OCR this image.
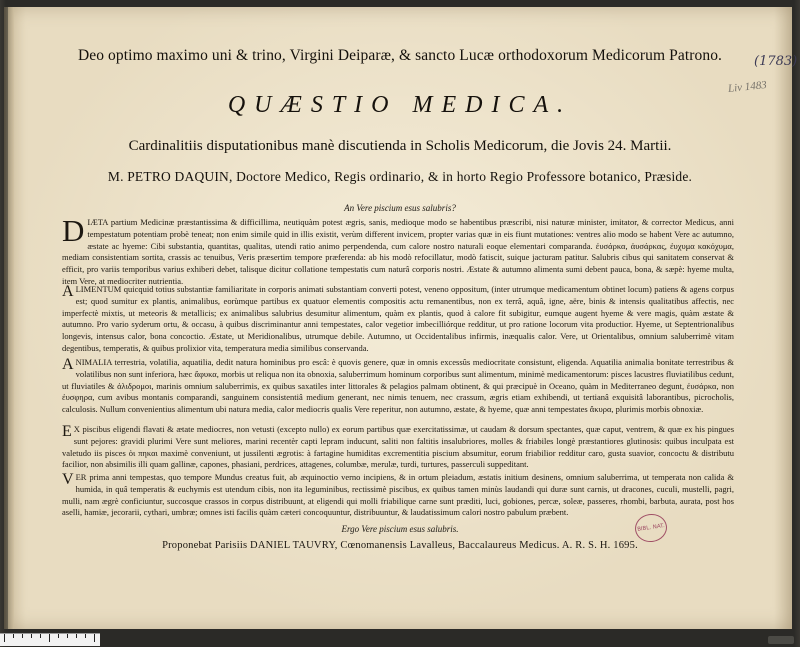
Deo optimo maximo uni & trino, Virgini Deiparæ, & sancto Lucæ orthodoxorum Medicorum Patrono.	(1783)
Liv 1483
QUÆSTIO MEDICA.
Cardinalitiis disputationibus manè discutienda in Scholis Medicorum, die Jovis 24. Martii.
M. PETRO DAQUIN, Doctore Medico, Regis ordinario, & in horto Regio Professore botanico, Præside.
An Vere piscium esus salubris?
D IÆTA partium Medicinæ præstantissima & difficillima, neutiquàm potest ægris, sanis, medioque modo se habentibus præscribi, nisi naturæ minister, imitator, & corrector Medicus, anni tempestatum potentiam probè teneat; non enim simile quid in illis existit, verùm different invicem, propter varias quæ in eis fiunt mutationes: ventres alio modo se habent Vere ac autumno, æstate ac hyeme: Cibi substantia, quantitas, qualitas, utendi ratio animo perpendenda, cum calore nostro naturali eoque elementari comparanda. ἐυσάρκα, ἀυσάρκας, ἐυχυμα κακόχυμα, mediam consistentiam sortita, crassis ac tenuibus, Veris præsertim tempore præferenda: ab his modò refocillatur, modò fatiscit, suique jacturam patitur. Salubris cibus qui sanitatem conservat & efficit, pro variis temporibus varius exhiberi debet, talisque dicitur collatione tempestatis cum naturâ corporis nostri. Æstate & autumno alimenta sumi debent pauca, bona, & sæpè: hyeme multa, item Vere, at mediocriter nutrientia.
A LIMENTUM quicquid totius substantiæ familiaritate in corporis animati substantiam converti potest, veneno oppositum, (inter utrumque medicamentum obtinet locum) patiens & agens corpus est; quod sumitur ex plantis, animalibus, eorùmque partibus ex quatuor elementis compositis actu remanentibus, non ex terrâ, aquâ, igne, aëre, binis & intensis qualitatibus affectis, nec imperfectè mixtis, ut meteoris & metallicis; ex animalibus salubrius desumitur alimentum, quàm ex plantis, quod à calore fit subigitur, eumque augent hyeme & vere magis, quàm æstate & autumno. Pro vario syderum ortu, & occasu, à quibus discriminantur anni tempestates, calor vegetior imbecilliórque redditur, ut pro ratione locorum vita productior. Hyeme, ut Septentrionalibus longevis, intensus calor, bona concoctio. Æstate, ut Meridionalibus, utrumque debile. Autumno, ut Occidentalibus infirmis, inæqualis calor. Vere, ut Orientalibus, omnium saluberrimè vitam degentibus, temperatis, & quibus prolixior vita, temperatura media similibus conservanda.
A NIMALIA terrestria, volatilia, aquatilia, dedit natura hominibus pro escâ: è quovis genere, quæ in omnis excessûs mediocritate consistunt, eligenda. Aquatilia animalia bonitate terrestribus & volatilibus non sunt inferiora, hæc ἄφυκα, morbis ut reliqua non ita obnoxia, saluberrimum hominum corporibus sunt alimentum, minimè medicamentorum: pisces lacustres fluviatilibus cedunt, ut fluviatiles & ἀλιδρομοι, marinis omnium saluberrimis, ex quibus saxatiles inter littorales & pelagios palmam obtinent, & qui præcipuè in Oceano, quàm in Mediterraneo degunt, ἐυσάρκα, non ἐυσφηρα, cum avibus montanis comparandi, sanguinem consistentiâ medium generant, nec nimis tenuem, nec crassum, ægris etiam exhibendi, ut tertianâ exquisitâ laborantibus, picrocholis, calculosis. Nullum convenientius alimentum ubi natura media, calor mediocris qualis Vere reperitur, non autumno, æstate, & hyeme, quæ anni tempestates ἄκυρα, plurimis morbis obnoxiæ.
E X piscibus eligendi flavati & ætate mediocres, non vetusti (excepto nullo) ex eorum partibus quæ exercitatissimæ, ut caudam & dorsum spectantes, quæ caput, ventrem, & quæ ex his pingues sunt pejores: gravidi plurimi Vere sunt meliores, marini recentèr capti lepram inducunt, saliti non faltitis insalubriores, molles & friabiles longè præstantiores glutinosis: quibus inculpata est valetudo iis pisces ὁι πηκαι maximè conveniunt, ut jussilenti ægrotis: à fartagine humiditas excrementitia piscium absumitur, eorum friabilior redditur caro, gusta suavior, concoctu & distributu facilior, non absimilis illi quam gallinæ, capones, phasiani, perdrices, attagenes, columbæ, merulæ, turdi, turtures, passerculi suppeditant.
V ER prima anni tempestas, quo tempore Mundus creatus fuit, ab æquinoctio verno incipiens, & in ortum pleiadum, æstatis initium desinens, omnium saluberrima, ut temperata non calida & humida, in quâ temperatis & euchymis est utendum cibis, non ita leguminibus, rectissimè piscibus, ex quibus tamen minùs laudandi qui duræ sunt carnis, ut dracones, cuculi, mustelli, pagri, mulli, nam ægrè conficiuntur, succosque crassos in corpus distribuunt, at eligendi qui molli friabilique carne sunt præditi, luci, gobiones, percæ, soleæ, passeres, rhombi, barbuta, aurata, post hos aselli, hamiæ, jecorarii, cythari, umbræ; omnes isti facilis quàm cæteri concoquuntur, distribuuntur, & laudatissimum calori nostro pabulum præbent.
Ergo Vere piscium esus salubris.	BIBL. NAT.
Proponebat Parisiis DANIEL TAUVRY, Cœnomanensis Lavalleus, Baccalaureus Medicus. A. R. S. H. 1695.
